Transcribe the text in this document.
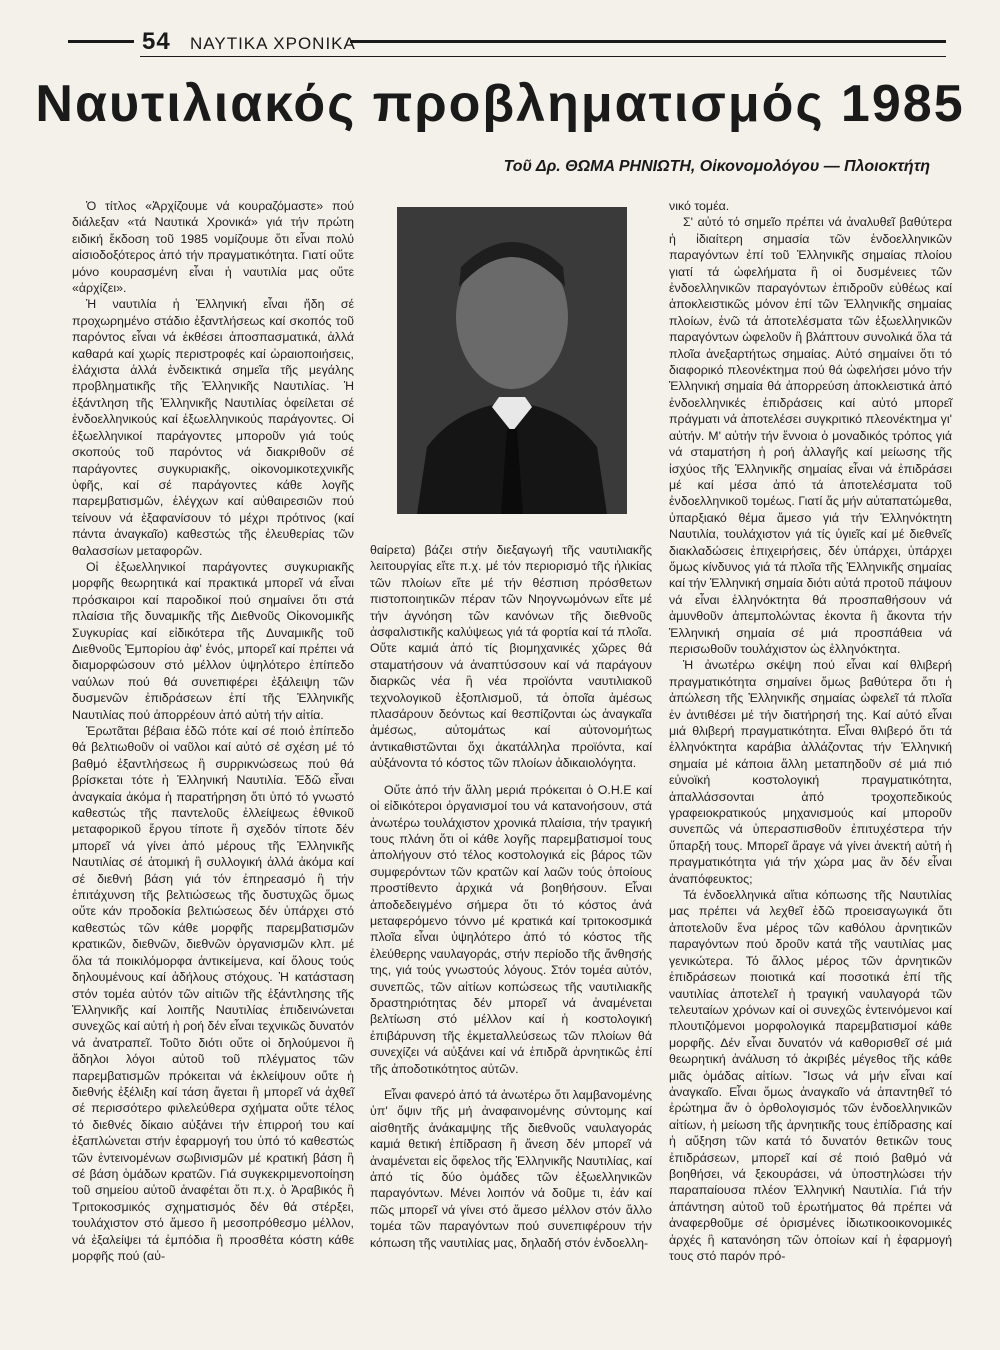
54 ΝΑΥΤΙΚΑ ΧΡΟΝΙΚΑ
Ναυτιλιακός προβληματισμός 1985
Τοῦ Δρ. ΘΩΜΑ ΡΗΝΙΩΤΗ, Οἰκονομολόγου — Πλοιοκτήτη

Ὁ τίτλος «Ἀρχίζουμε νά κουραζόμαστε» πού διάλεξαν «τά Ναυτικά Χρονικά» γιά τήν πρώτη ειδική ἔκδοση τοῦ 1985 νομίζουμε ὅτι εἶναι πολύ αἰσιοδοξότερος ἀπό τήν πραγματικότητα. Γιατί οὔτε μόνο κουρασμένη εἶναι ἡ ναυτιλία μας οὔτε «ἀρχίζει».

Ἡ ναυτιλία ἡ Ἑλληνική εἶναι ἤδη σέ προχωρημένο στάδιο ἐξαντλήσεως καί σκοπός τοῦ παρόντος εἶναι νά ἐκθέσει ἀποσπασματικά, ἀλλά καθαρά καί χωρίς περιστροφές καί ὡραιοποιήσεις, ἐλάχιστα ἀλλά ἐνδεικτικά σημεῖα τῆς μεγάλης προβληματικῆς τῆς Ἑλληνικῆς Ναυτιλίας. Ἡ ἐξάντληση τῆς Ἑλληνικῆς Ναυτιλίας ὀφείλεται σέ ἐνδοελληνικούς καί ἐξωελληνικούς παράγοντες. Οἱ ἐξωελληνικοί παράγοντες μποροῦν γιά τούς σκοπούς τοῦ παρόντος νά διακριθοῦν σέ παράγοντες συγκυριακῆς, οἰκονομικοτεχνικῆς ὑφῆς, καί σέ παράγοντες κάθε λογῆς παρεμβατισμῶν, ἐλέγχων καί αὐθαιρεσιῶν πού τείνουν νά ἐξαφανίσουν τό μέχρι πρότινος (καί πάντα ἀναγκαῖο) καθεστώς τῆς ἐλευθερίας τῶν θαλασσίων μεταφορῶν.

Οἱ ἐξωελληνικοί παράγοντες συγκυριακῆς μορφῆς θεωρητικά καί πρακτικά μπορεῖ νά εἶναι πρόσκαιροι καί παροδικοί πού σημαίνει ὅτι στά πλαίσια τῆς δυναμικῆς τῆς Διεθνοῦς Οἰκονομικῆς Συγκυρίας καί εἰδικότερα τῆς Δυναμικῆς τοῦ Διεθνοῦς Ἐμπορίου ἀφ' ἑνός, μπορεῖ καί πρέπει νά διαμορφώσουν στό μέλλον ὑψηλότερο ἐπίπεδο ναύλων πού θά συνεπιφέρει ἐξάλειψη τῶν δυσμενῶν ἐπιδράσεων ἐπί τῆς Ἑλληνικῆς Ναυτιλίας πού ἀπορρέουν ἀπό αὐτή τήν αἰτία.

Ἐρωτᾶται βέβαια ἐδῶ πότε καί σέ ποιό ἐπίπεδο θά βελτιωθοῦν οἱ ναῦλοι καί αὐτό σέ σχέση μέ τό βαθμό ἐξαντλήσεως ἢ συρρικνώσεως πού θά βρίσκεται τότε ἡ Ἑλληνική Ναυτιλία. Ἐδῶ εἶναι ἀναγκαία ἀκόμα ἡ παρατήρηση ὅτι ὑπό τό γνωστό καθεστώς τῆς παντελοῦς ἐλλείψεως ἐθνικοῦ μεταφορικοῦ ἔργου τίποτε ἢ σχεδόν τίποτε δέν μπορεῖ νά γίνει ἀπό μέρους τῆς Ἑλληνικῆς Ναυτιλίας σέ ἀτομική ἢ συλλογική ἀλλά ἀκόμα καί σέ διεθνή βάση γιά τόν ἐπηρεασμό ἢ τήν ἐπιτάχυνση τῆς βελτιώσεως τῆς δυστυχῶς ὅμως οὔτε κάν προδοκία βελτιώσεως δέν ὑπάρχει στό καθεστώς τῶν κάθε μορφῆς παρεμβατισμῶν κρατικῶν, διεθνῶν, διεθνῶν ὀργανισμῶν κλπ. μέ ὅλα τά ποικιλόμορφα ἀντικείμενα, καί ὅλους τούς δηλουμένους καί ἀδήλους στόχους. Ἡ κατάσταση στόν τομέα αὐτόν τῶν αἰτιῶν τῆς ἐξάντλησης τῆς Ἑλληνικῆς καί λοιπῆς Ναυτιλίας ἐπιδεινώνεται συνεχῶς καί αὐτή ἡ ροή δέν εἶναι τεχνικῶς δυνατόν νά ἀνατραπεῖ. Τοῦτο διότι οὔτε οἱ δηλούμενοι ἢ ἄδηλοι λόγοι αὐτοῦ τοῦ πλέγματος τῶν παρεμβατισμῶν πρόκειται νά ἐκλείψουν οὔτε ἡ διεθνής ἐξέλιξη καί τάση ἄγεται ἢ μπορεῖ νά ἀχθεῖ σέ περισσότερο φιλελεύθερα σχήματα οὔτε τέλος τό διεθνές δίκαιο αὐξάνει τήν ἐπιρροή του καί ἐξαπλώνεται στήν ἐφαρμογή του ὑπό τό καθεστώς τῶν ἐντεινομένων σωβινισμῶν μέ κρατική βάση ἢ σέ βάση ὁμάδων κρατῶν. Γιά συγκεκριμενοποίηση τοῦ σημείου αὐτοῦ ἀναφέται ὅτι π.χ. ὁ Ἀραβικός ἢ Τριτοκοσμικός σχηματισμός δέν θά στέρξει, τουλάχιστον στό ἄμεσο ἢ μεσοπρόθεσμο μέλλον, νά ἐξαλείψει τά ἐμπόδια ἢ προσθέτα κόστη κάθε μορφῆς πού (αὐ-

θαίρετα) βάζει στήν διεξαγωγή τῆς ναυτιλιακῆς λειτουργίας εἴτε π.χ. μέ τόν περιορισμό τῆς ἡλικίας τῶν πλοίων εἴτε μέ τήν θέσπιση πρόσθετων πιστοποιητικῶν πέραν τῶν Νηογνωμόνων εἴτε μέ τήν ἀγνόηση τῶν κανόνων τῆς διεθνοῦς ἀσφαλιστικῆς καλύψεως γιά τά φορτία καί τά πλοῖα. Οὔτε καμιά ἀπό τίς βιομηχανικές χῶρες θά σταματήσουν νά ἀναπτύσσουν καί νά παράγουν διαρκῶς νέα ἢ νέα προϊόντα ναυτιλιακοῦ τεχνολογικοῦ ἐξοπλισμοῦ, τά ὁποῖα ἀμέσως πλασάρουν δεόντως καί θεσπίζονται ὡς ἀναγκαῖα ἀμέσως, αὐτομάτως καί αὐτονομήτως ἀντικαθιστῶνται ὄχι ἀκατάλληλα προϊόντα, καί αὐξάνοντα τό κόστος τῶν πλοίων ἀδικαιολόγητα.

Οὔτε ἀπό τήν ἄλλη μεριά πρόκειται ὁ Ο.Η.Ε καί οἱ εἰδικότεροι ὀργανισμοί του νά κατανοήσουν, στά ἀνωτέρω τουλάχιστον χρονικά πλαίσια, τήν τραγική τους πλάνη ὅτι οἱ κάθε λογῆς παρεμβατισμοί τους ἀπολήγουν στό τέλος κοστολογικά εἰς βάρος τῶν συμφερόντων τῶν κρατῶν καί λαῶν τούς ὁποίους προστίθεντο ἀρχικά νά βοηθήσουν. Εἶναι ἀποδεδειγμένο σήμερα ὅτι τό κόστος ἀνά μεταφερόμενο τόννο μέ κρατικά καί τριτοκοσμικά πλοῖα εἶναι ὑψηλότερο ἀπό τό κόστος τῆς ἐλεύθερης ναυλαγοράς, στήν περίοδο τῆς ἄνθησής της, γιά τούς γνωστούς λόγους. Στόν τομέα αὐτόν, συνεπῶς, τῶν αἰτίων κοπώσεως τῆς ναυτιλιακῆς δραστηριότητας δέν μπορεῖ νά ἀναμένεται βελτίωση στό μέλλον καί ἡ κοστολογική ἐπιβάρυνση τῆς ἐκμεταλλεύσεως τῶν πλοίων θά συνεχίζει νά αὐξάνει καί νά ἐπιδρᾶ ἀρνητικῶς ἐπί τῆς ἀποδοτικότητος αὐτῶν.

Εἶναι φανερό ἀπό τά ἀνωτέρω ὅτι λαμβανομένης ὑπ' ὄψιν τῆς μή ἀναφαινομένης σύντομης καί αἰσθητῆς ἀνάκαμψης τῆς διεθνοῦς ναυλαγοράς καμιά θετική ἐπίδραση ἢ ἄνεση δέν μπορεῖ νά ἀναμένεται εἰς ὄφελος τῆς Ἑλληνικῆς Ναυτιλίας, καί ἀπό τίς δύο ὁμάδες τῶν ἐξωελληνικῶν παραγόντων. Μένει λοιπόν νά δοῦμε τι, ἐάν καί πῶς μπορεῖ νά γίνει στό ἄμεσο μέλλον στόν ἄλλο τομέα τῶν παραγόντων πού συνεπιφέρουν τήν κόπωση τῆς ναυτιλίας μας, δηλαδή στόν ἐνδοελλη-

νικό τομέα.

Σ' αὐτό τό σημεῖο πρέπει νά ἀναλυθεῖ βαθύτερα ἡ ἰδιαίτερη σημασία τῶν ἐνδοελληνικῶν παραγόντων ἐπί τοῦ Ἑλληνικῆς σημαίας πλοίου γιατί τά ὠφελήματα ἢ οἱ δυσμένειες τῶν ἐνδοελληνικῶν παραγόντων ἐπιδροῦν εὐθέως καί ἀποκλειστικῶς μόνον ἐπί τῶν Ἑλληνικῆς σημαίας πλοίων, ἐνῶ τά ἀποτελέσματα τῶν ἐξωελληνικῶν παραγόντων ὠφελοῦν ἢ βλάπτουν συνολικά ὅλα τά πλοῖα ἀνεξαρτήτως σημαίας. Αὐτό σημαίνει ὅτι τό διαφορικό πλεονέκτημα πού θά ὠφελήσει μόνο τήν Ἑλληνική σημαία θά ἀπορρεύση ἀποκλειστικά ἀπό ἐνδοελληνικές ἐπιδράσεις καί αὐτό μπορεῖ πράγματι νά ἀποτελέσει συγκριτικό πλεονέκτημα γι' αὐτήν. Μ' αὐτήν τήν ἔννοια ὁ μοναδικός τρόπος γιά νά σταματήση ἡ ροή ἀλλαγῆς καί μείωσης τῆς ἰσχύος τῆς Ἑλληνικῆς σημαίας εἶναι νά ἐπιδράσει μέ καί μέσα ἀπό τά ἀποτελέσματα τοῦ ἐνδοελληνικοῦ τομέως. Γιατί ἄς μήν αὐταπατώμεθα, ὑπαρξιακό θέμα ἄμεσο γιά τήν Ἑλληνόκτητη Ναυτιλία, τουλάχιστον γιά τίς ὑγιεῖς καί μέ διεθνεῖς διακλαδώσεις ἐπιχειρήσεις, δέν ὑπάρχει, ὑπάρχει ὅμως κίνδυνος γιά τά πλοῖα τῆς Ἑλληνικῆς σημαίας καί τήν Ἑλληνική σημαία διότι αὐτά προτοῦ πάψουν νά εἶναι ἑλληνόκτητα θά προσπαθήσουν νά ἀμυνθοῦν ἀπεμπολώντας ἑκοντα ἢ ἄκοντα τήν Ἑλληνική σημαία σέ μιά προσπάθεια νά περισωθοῦν τουλάχιστον ὡς ἑλληνόκτητα.

Ἡ ἀνωτέρω σκέψη πού εἶναι καί θλιβερή πραγματικότητα σημαίνει ὅμως βαθύτερα ὅτι ἡ ἀπώλεση τῆς Ἑλληνικῆς σημαίας ὠφελεῖ τά πλοῖα ἐν ἀντιθέσει μέ τήν διατήρησή της. Καί αὐτό εἶναι μιά θλιβερή πραγματικότητα. Εἶναι θλιβερό ὅτι τά ἑλληνόκτητα καράβια ἀλλάζοντας τήν Ἑλληνική σημαία μέ κάποια ἄλλη μεταπηδοῦν σέ μιά πιό εὐνοϊκή κοστολογική πραγματικότητα, ἀπαλλάσσονται ἀπό τροχοπεδικούς γραφειοκρατικούς μηχανισμούς καί μποροῦν συνεπῶς νά ὑπερασπισθοῦν ἐπιτυχέστερα τήν ὕπαρξή τους. Μπορεῖ ἄραγε νά γίνει ἀνεκτή αὐτή ἡ πραγματικότητα γιά τήν χώρα μας ἂν δέν εἶναι ἀναπόφευκτος;

Τά ἐνδοελληνικά αἴτια κόπωσης τῆς Ναυτιλίας μας πρέπει νά λεχθεῖ ἐδῶ προεισαγωγικά ὅτι ἀποτελοῦν ἕνα μέρος τῶν καθόλου ἀρνητικῶν παραγόντων πού δροῦν κατά τῆς ναυτιλίας μας γενικώτερα. Τό ἄλλος μέρος τῶν ἀρνητικῶν ἐπιδράσεων ποιοτικά καί ποσοτικά ἐπί τῆς ναυτιλίας ἀποτελεῖ ἡ τραγική ναυλαγορά τῶν τελευταίων χρόνων καί οἱ συνεχῶς ἐντεινόμενοι καί πλουτιζόμενοι μορφολογικά παρεμβατισμοί κάθε μορφῆς. Δέν εἶναι δυνατόν νά καθορισθεῖ σέ μιά θεωρητική ἀνάλυση τό ἀκριβές μέγεθος τῆς κάθε μιᾶς ὁμάδας αἰτίων. Ἴσως νά μήν εἶναι καί ἀναγκαῖο. Εἶναι ὅμως ἀναγκαῖο νά ἀπαντηθεῖ τό ἐρώτημα ἄν ὁ ὀρθολογισμός τῶν ἐνδοελληνικῶν αἰτίων, ἡ μείωση τῆς ἀρνητικῆς τους ἐπίδρασης καί ἡ αὔξηση τῶν κατά τό δυνατόν θετικῶν τους ἐπιδράσεων, μπορεῖ καί σέ ποιό βαθμό νά βοηθήσει, νά ξεκουράσει, νά ὑποστηλώσει τήν παραπαίουσα πλέον Ἑλληνική Ναυτιλία. Γιά τήν ἀπάντηση αὐτοῦ τοῦ ἐρωτήματος θά πρέπει νά ἀναφερθοῦμε σέ ὁρισμένες ἰδιωτικοοικονομικές ἀρχές ἢ κατανόηση τῶν ὁποίων καί ἡ ἐφαρμογή τους στό παρόν πρό-
